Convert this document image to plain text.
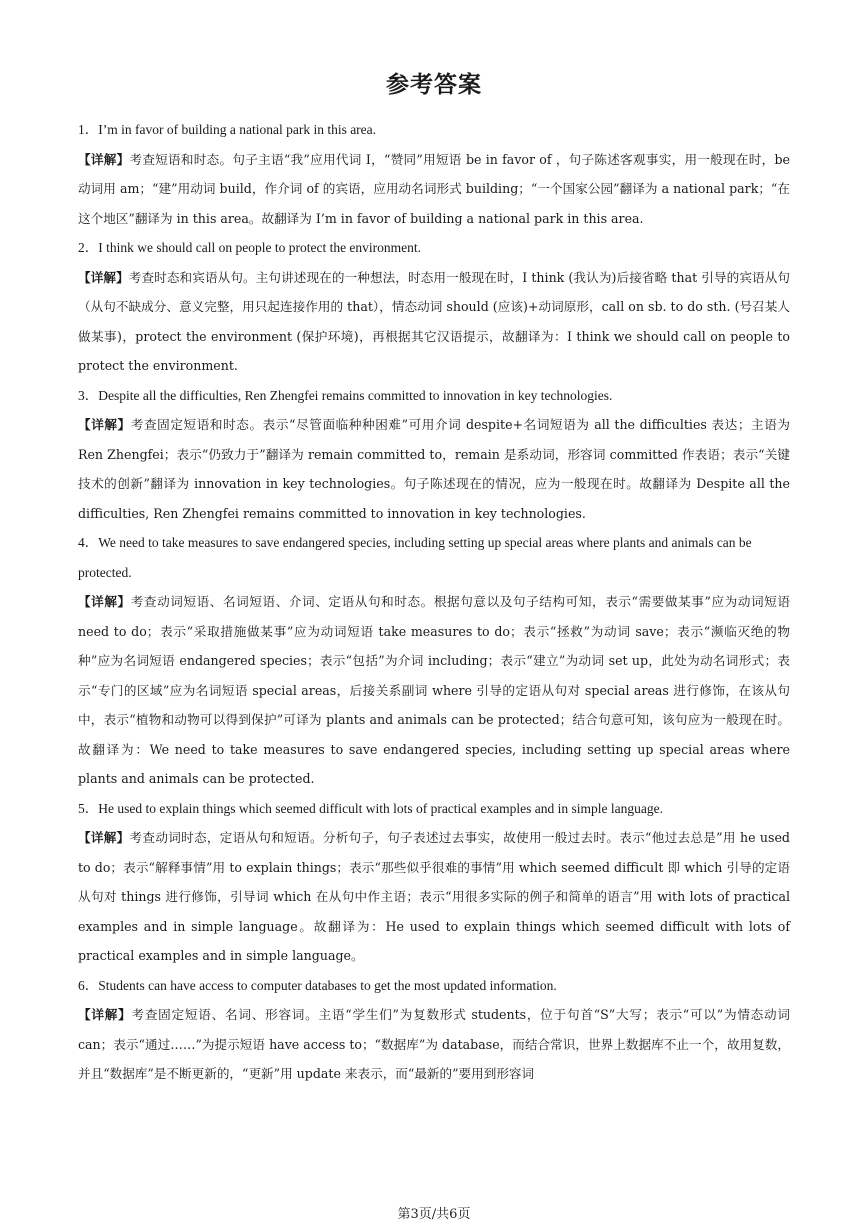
参考答案

1．I’m in favor of building a national park in this area.

【详解】考查短语和时态。句子主语“我”应用代词 I，“赞同”用短语 be in favor of ，句子陈述客观事实，用一般现在时，be 动词用 am；“建”用动词 build，作介词 of 的宾语，应用动名词形式 building；“一个国家公园”翻译为 a national park；“在这个地区”翻译为 in this area。故翻译为 I’m in favor of building a national park in this area.

2．I think we should call on people to protect the environment.

【详解】考查时态和宾语从句。主句讲述现在的一种想法，时态用一般现在时，I think (我认为)后接省略 that 引导的宾语从句（从句不缺成分、意义完整，用只起连接作用的 that），情态动词 should (应该)+动词原形，call on sb. to do sth. (号召某人做某事)，protect the environment (保护环境)，再根据其它汉语提示，故翻译为：I think we should call on people to protect the environment.

3．Despite all the difficulties, Ren Zhengfei remains committed to innovation in key technologies.

【详解】考查固定短语和时态。表示“尽管面临种种困难”可用介词 despite+名词短语为 all the difficulties 表达；主语为 Ren Zhengfei；表示“仍致力于”翻译为 remain committed to，remain 是系动词，形容词 committed 作表语；表示“关键技术的创新”翻译为 innovation in key technologies。句子陈述现在的情况，应为一般现在时。故翻译为 Despite all the difficulties, Ren Zhengfei remains committed to innovation in key technologies.

4．We need to take measures to save endangered species, including setting up special areas where plants and animals can be protected.

【详解】考查动词短语、名词短语、介词、定语从句和时态。根据句意以及句子结构可知，表示“需要做某事”应为动词短语 need to do；表示“采取措施做某事”应为动词短语 take measures to do；表示“拯救”为动词 save；表示“濒临灭绝的物种”应为名词短语 endangered species；表示“包括”为介词 including；表示“建立”为动词 set up，此处为动名词形式；表示“专门的区域”应为名词短语 special areas，后接关系副词 where 引导的定语从句对 special areas 进行修饰，在该从句中，表示“植物和动物可以得到保护”可译为 plants and animals can be protected；结合句意可知，该句应为一般现在时。故翻译为：We need to take measures to save endangered species, including setting up special areas where plants and animals can be protected.

5．He used to explain things which seemed difficult with lots of practical examples and in simple language.

【详解】考查动词时态，定语从句和短语。分析句子，句子表述过去事实，故使用一般过去时。表示“他过去总是”用 he used to do；表示“解释事情”用 to explain things；表示“那些似乎很难的事情”用 which seemed difficult 即 which 引导的定语从句对 things 进行修饰，引导词 which 在从句中作主语；表示“用很多实际的例子和简单的语言”用 with lots of practical examples and in simple language。故翻译为：He used to explain things which seemed difficult with lots of practical examples and in simple language。

6．Students can have access to computer databases to get the most updated information.

【详解】考查固定短语、名词、形容词。主语“学生们”为复数形式 students，位于句首“S”大写；表示“可以”为情态动词 can；表示“通过……”为提示短语 have access to；“数据库”为 database，而结合常识，世界上数据库不止一个，故用复数，并且“数据库”是不断更新的，“更新”用 update 来表示，而“最新的”要用到形容词

第3页/共6页
